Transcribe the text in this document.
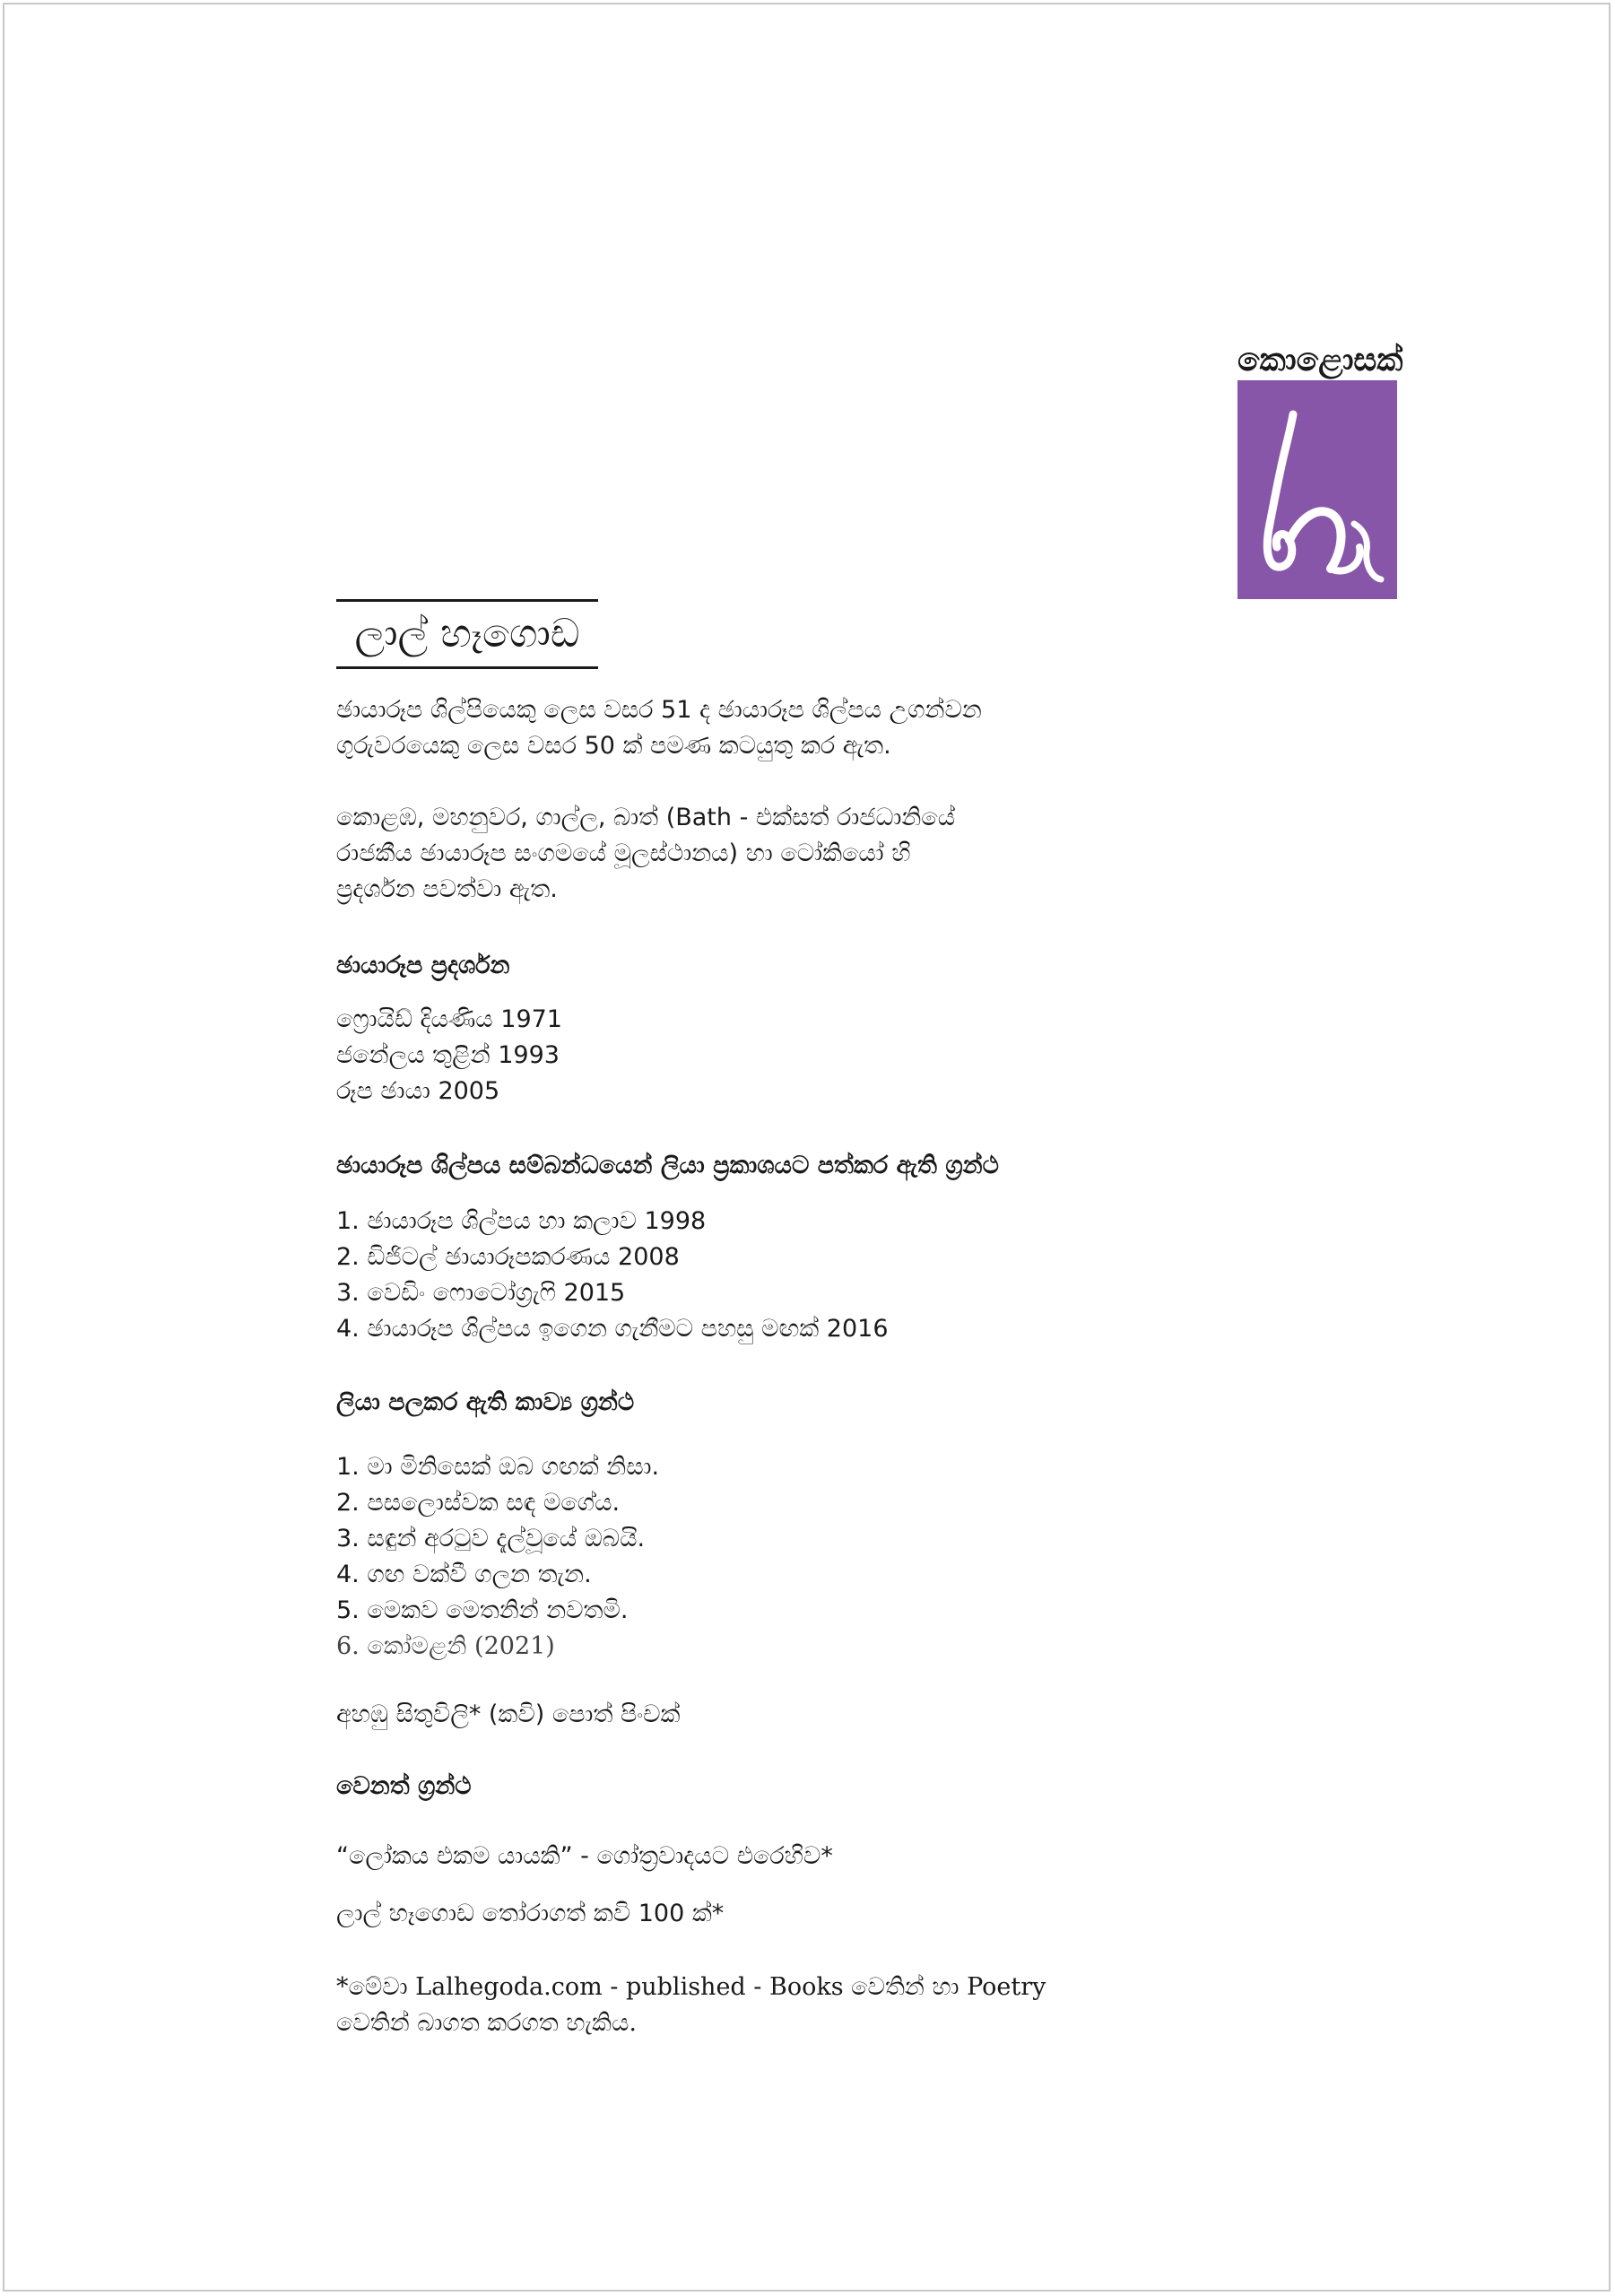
කොළොසක්
ලාල් හෑගොඩ

ඡායාරූප ශිල්පියෙකු ලෙස වසර 51 ද ඡායාරූප ශිල්පය උගන්වන

ගුරුවරයෙකු ලෙස වසර 50 ක් පමණ කටයුතු කර ඇත.

කොළඹ, මහනුවර, ගාල්ල, බාත් (Bath - එක්සත් රාජධානියේ

රාජකීය ඡායාරූප සංගමයේ මූලස්ථානය) හා ටෝකියෝ හි

ප්‍රදර්ශන පවත්වා ඇත.

ඡායාරූප ප්‍රදර්ශන
ෆ්‍රොයිඩ් දියණිය 1971
ජනේලය තුළින් 1993
රූප ඡායා 2005
ඡායාරූප ශිල්පය සම්බන්ධයෙන් ලියා ප්‍රකාශයට පත්කර ඇති ග්‍රන්ථ
1. ඡායාරූප ශිල්පය හා කලාව 1998
2. ඩිජිටල් ඡායාරූපකරණය 2008
3. වෙඩිං ෆොටෝග්‍රැෆි 2015
4. ඡායාරූප ශිල්පය ඉගෙන ගැනීමට පහසු මඟක් 2016
ලියා පලකර ඇති කාව්‍ය ග්‍රන්ථ
1. මා මිනිසෙක් ඔබ ගඟක් නිසා.
2. පසලොස්වක සඳ මගේය.
3. සඳුන් අරටුව දැල්වූයේ ඔබයි.
4. ගඟ වක්වී ගලන තැන.
5. මෙකව මෙතනින් නවතමි.
6. කෝමළනි (2021)

අහඹු සිතුවිලි* (කවි) පොත් පිංචක්

වෙනත් ග්‍රන්ථ

“ලෝකය එකම යායකි” - ගෝත්‍රවාදයට එරෙහිව*

ලාල් හෑගොඩ තෝරාගත් කවි 100 ක්*

*මේවා Lalhegoda.com - published - Books වෙතින් හා Poetry

වෙතින් බාගත කරගත හැකිය.
